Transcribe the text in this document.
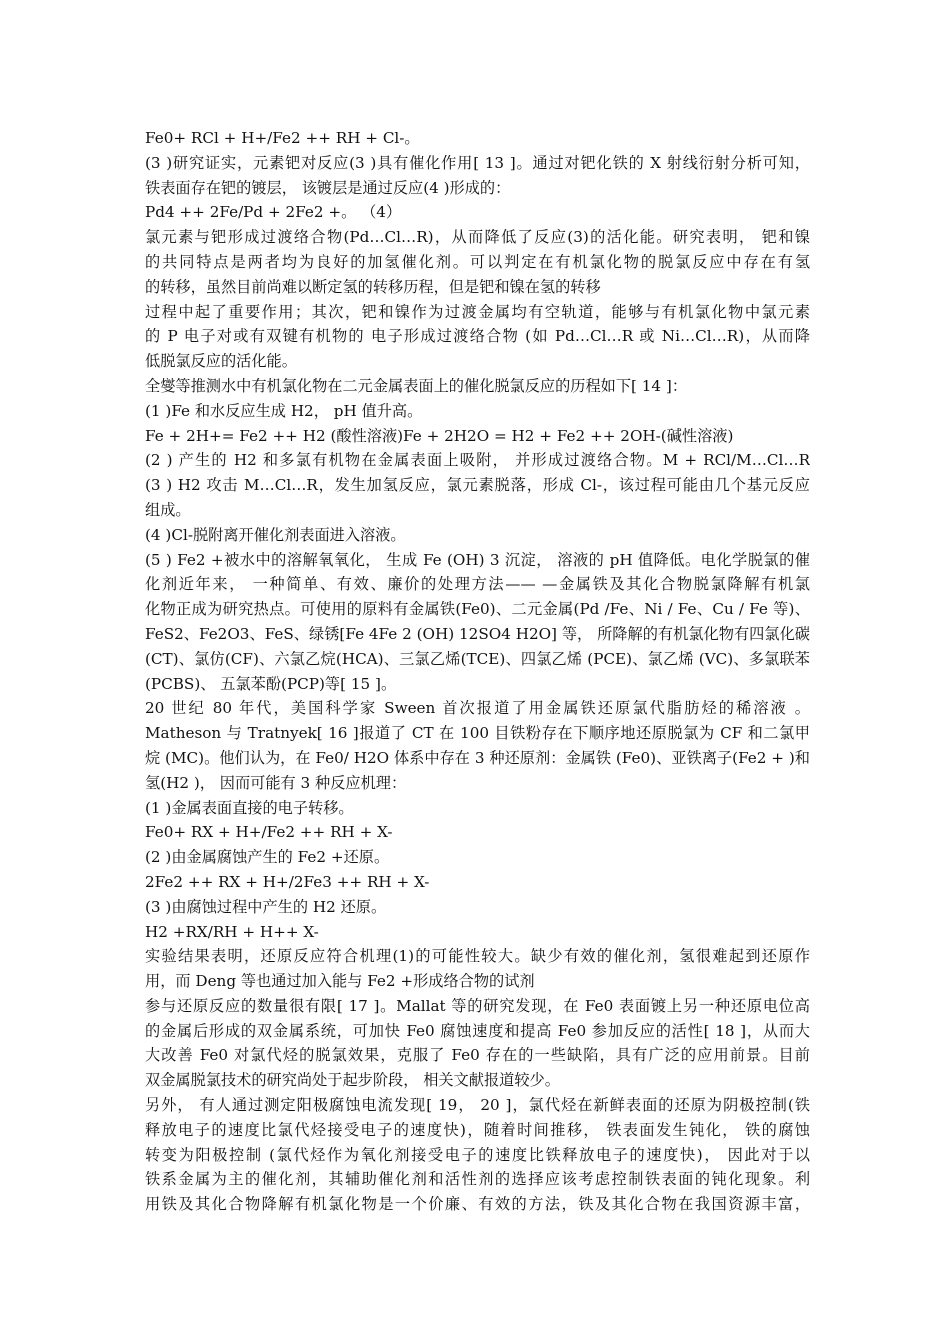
Fe0+ RCl + H+/Fe2 ++ RH + Cl-。
(3 )研究证实，元素钯对反应(3 )具有催化作用[ 13 ]。通过对钯化铁的 X 射线衍射分析可知，
铁表面存在钯的镀层， 该镀层是通过反应(4 )形成的：
Pd4 ++ 2Fe/Pd + 2Fe2 +。 （4）
氯元素与钯形成过渡络合物(Pd…Cl…R)，从而降低了反应(3)的活化能。研究表明， 钯和镍
的共同特点是两者均为良好的加氢催化剂。可以判定在有机氯化物的脱氯反应中存在有氢
的转移，虽然目前尚难以断定氢的转移历程，但是钯和镍在氢的转移
过程中起了重要作用；其次，钯和镍作为过渡金属均有空轨道，能够与有机氯化物中氯元素
的 P 电子对或有双键有机物的 电子形成过渡络合物 (如 Pd…Cl…R 或 Ni…Cl…R)，从而降
低脱氯反应的活化能。
全燮等推测水中有机氯化物在二元金属表面上的催化脱氯反应的历程如下[ 14 ]：
(1 )Fe 和水反应生成 H2， pH 值升高。
Fe + 2H+= Fe2 ++ H2 (酸性溶液)Fe + 2H2O = H2 + Fe2 ++ 2OH-(碱性溶液)
(2 ) 产生的 H2 和多氯有机物在金属表面上吸附， 并形成过渡络合物。M + RCl/M…Cl…R
(3 ) H2 攻击 M…Cl…R，发生加氢反应，氯元素脱落，形成 Cl-，该过程可能由几个基元反应
组成。
(4 )Cl-脱附离开催化剂表面进入溶液。
(5 ) Fe2 +被水中的溶解氧氧化， 生成 Fe (OH) 3 沉淀， 溶液的 pH 值降低。电化学脱氯的催
化剂近年来， 一种简单、有效、廉价的处理方法—— —金属铁及其化合物脱氯降解有机氯
化物正成为研究热点。可使用的原料有金属铁(Fe0)、二元金属(Pd /Fe、Ni / Fe、Cu / Fe 等)、
FeS2、Fe2O3、FeS、绿锈[Fe 4Fe 2 (OH) 12SO4 H2O] 等， 所降解的有机氯化物有四氯化碳
(CT)、氯仿(CF)、六氯乙烷(HCA)、三氯乙烯(TCE)、四氯乙烯 (PCE)、氯乙烯 (VC)、多氯联苯
(PCBS)、 五氯苯酚(PCP)等[ 15 ]。
20 世纪 80 年代，美国科学家 Sween 首次报道了用金属铁还原氯代脂肪烃的稀溶液 。
Matheson 与 Tratnyek[ 16 ]报道了 CT 在 100 目铁粉存在下顺序地还原脱氯为 CF 和二氯甲
烷 (MC)。他们认为，在 Fe0/ H2O 体系中存在 3 种还原剂：金属铁 (Fe0)、亚铁离子(Fe2 + )和
氢(H2 )， 因而可能有 3 种反应机理：
(1 )金属表面直接的电子转移。
Fe0+ RX + H+/Fe2 ++ RH + X-
(2 )由金属腐蚀产生的 Fe2 +还原。
2Fe2 ++ RX + H+/2Fe3 ++ RH + X-
(3 )由腐蚀过程中产生的 H2 还原。
H2 +RX/RH + H++ X-
实验结果表明，还原反应符合机理(1)的可能性较大。缺少有效的催化剂，氢很难起到还原作
用，而 Deng 等也通过加入能与 Fe2 +形成络合物的试剂
参与还原反应的数量很有限[ 17 ]。Mallat 等的研究发现，在 Fe0 表面镀上另一种还原电位高
的金属后形成的双金属系统，可加快 Fe0 腐蚀速度和提高 Fe0 参加反应的活性[ 18 ]，从而大
大改善 Fe0 对氯代烃的脱氯效果，克服了 Fe0 存在的一些缺陷，具有广泛的应用前景。目前
双金属脱氯技术的研究尚处于起步阶段， 相关文献报道较少。
另外， 有人通过测定阳极腐蚀电流发现[ 19， 20 ]，氯代烃在新鲜表面的还原为阴极控制(铁
释放电子的速度比氯代烃接受电子的速度快)，随着时间推移， 铁表面发生钝化， 铁的腐蚀
转变为阳极控制 (氯代烃作为氧化剂接受电子的速度比铁释放电子的速度快)， 因此对于以
铁系金属为主的催化剂，其辅助催化剂和活性剂的选择应该考虑控制铁表面的钝化现象。利
用铁及其化合物降解有机氯化物是一个价廉、有效的方法，铁及其化合物在我国资源丰富，
